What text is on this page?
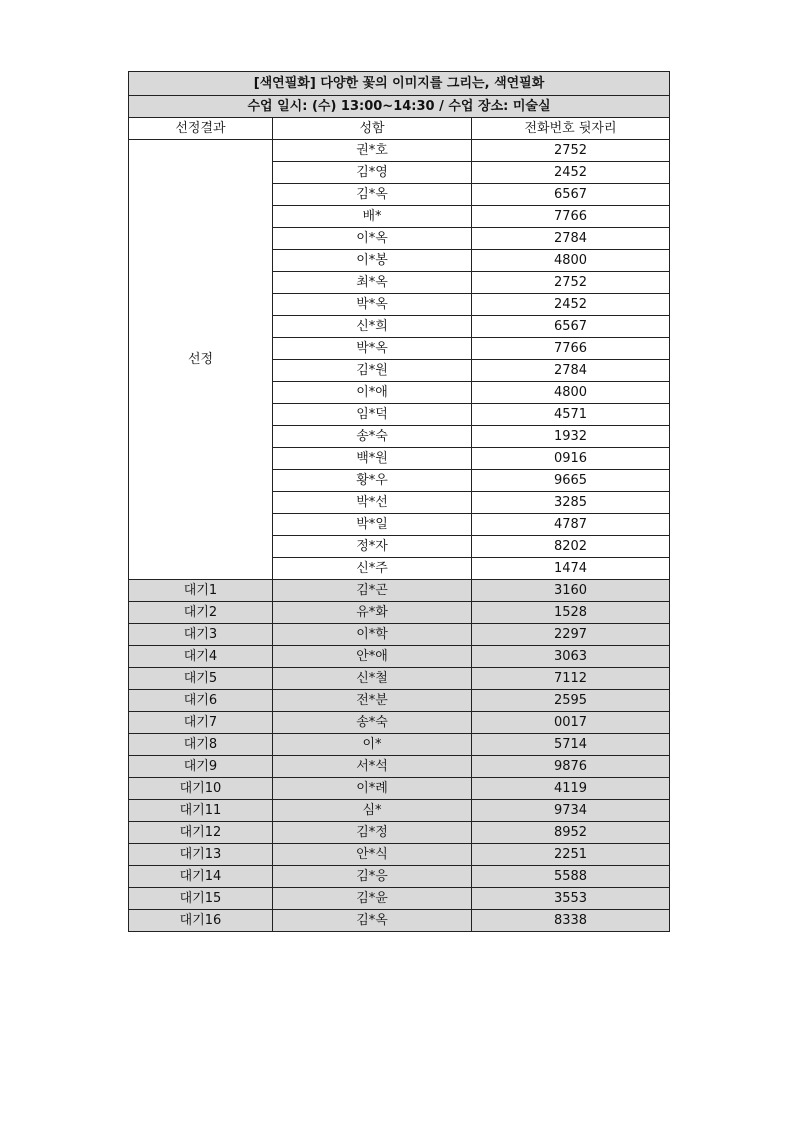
[색연필화] 다양한 꽃의 이미지를 그리는, 색연필화		
수업 일시: (수) 13:00~14:30 / 수업 장소: 미술실		
선정결과	성함	전화번호 뒷자리
선정	권*호	2752
	김*영	2452
	김*옥	6567
	배*	7766
	이*옥	2784
	이*봉	4800
	최*옥	2752
	박*옥	2452
	신*희	6567
	박*옥	7766
	김*원	2784
	이*애	4800
	임*덕	4571
	송*숙	1932
	백*원	0916
	황*우	9665
	박*선	3285
	박*일	4787
	정*자	8202
	신*주	1474
대기1	김*곤	3160
대기2	유*화	1528
대기3	이*학	2297
대기4	안*애	3063
대기5	신*철	7112
대기6	전*분	2595
대기7	송*숙	0017
대기8	이*	5714
대기9	서*석	9876
대기10	이*례	4119
대기11	심*	9734
대기12	김*정	8952
대기13	안*식	2251
대기14	김*응	5588
대기15	김*윤	3553
대기16	김*옥	8338
